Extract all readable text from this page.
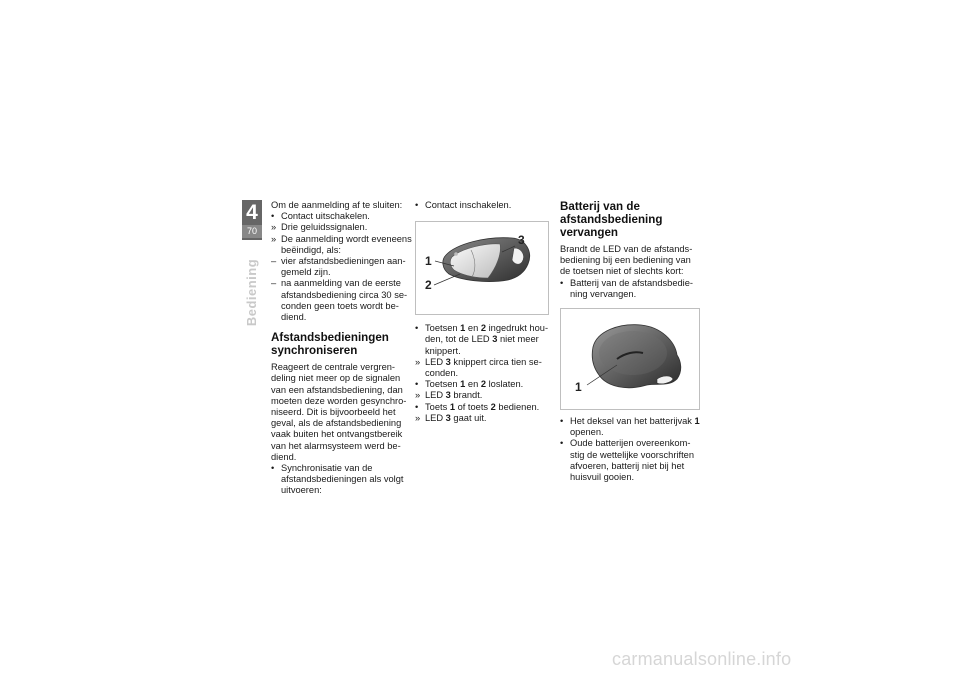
4
70
Bediening
Om de aanmelding af te sluiten:
• Contact uitschakelen.
» Drie geluidssignalen.
» De aanmelding wordt eveneens
beëindigd, als:
– vier afstandsbedieningen aan-
gemeld zijn.
– na aanmelding van de eerste
afstandsbediening circa 30 se-
conden geen toets wordt be-
diend.
Afstandsbedieningen
synchroniseren
Reageert de centrale vergren-
deling niet meer op de signalen
van een afstandsbediening, dan
moeten deze worden gesynchro-
niseerd. Dit is bijvoorbeeld het
geval, als de afstandsbediening
vaak buiten het ontvangstbereik
van het alarmsysteem werd be-
diend.
• Synchronisatie van de
afstandsbedieningen als volgt
uitvoeren:
• Contact inschakelen.
3
1
2
• Toetsen 1 en 2 ingedrukt hou-
den, tot de LED 3 niet meer
knippert.
» LED 3 knippert circa tien se-
conden.
• Toetsen 1 en 2 loslaten.
» LED 3 brandt.
• Toets 1 of toets 2 bedienen.
» LED 3 gaat uit.
Batterij van de
afstandsbediening
vervangen
Brandt de LED van de afstands-
bediening bij een bediening van
de toetsen niet of slechts kort:
• Batterij van de afstandsbedie-
ning vervangen.
1
• Het deksel van het batterijvak 1
openen.
• Oude batterijen overeenkom-
stig de wettelijke voorschriften
afvoeren, batterij niet bij het
huisvuil gooien.
carmanualsonline.info
